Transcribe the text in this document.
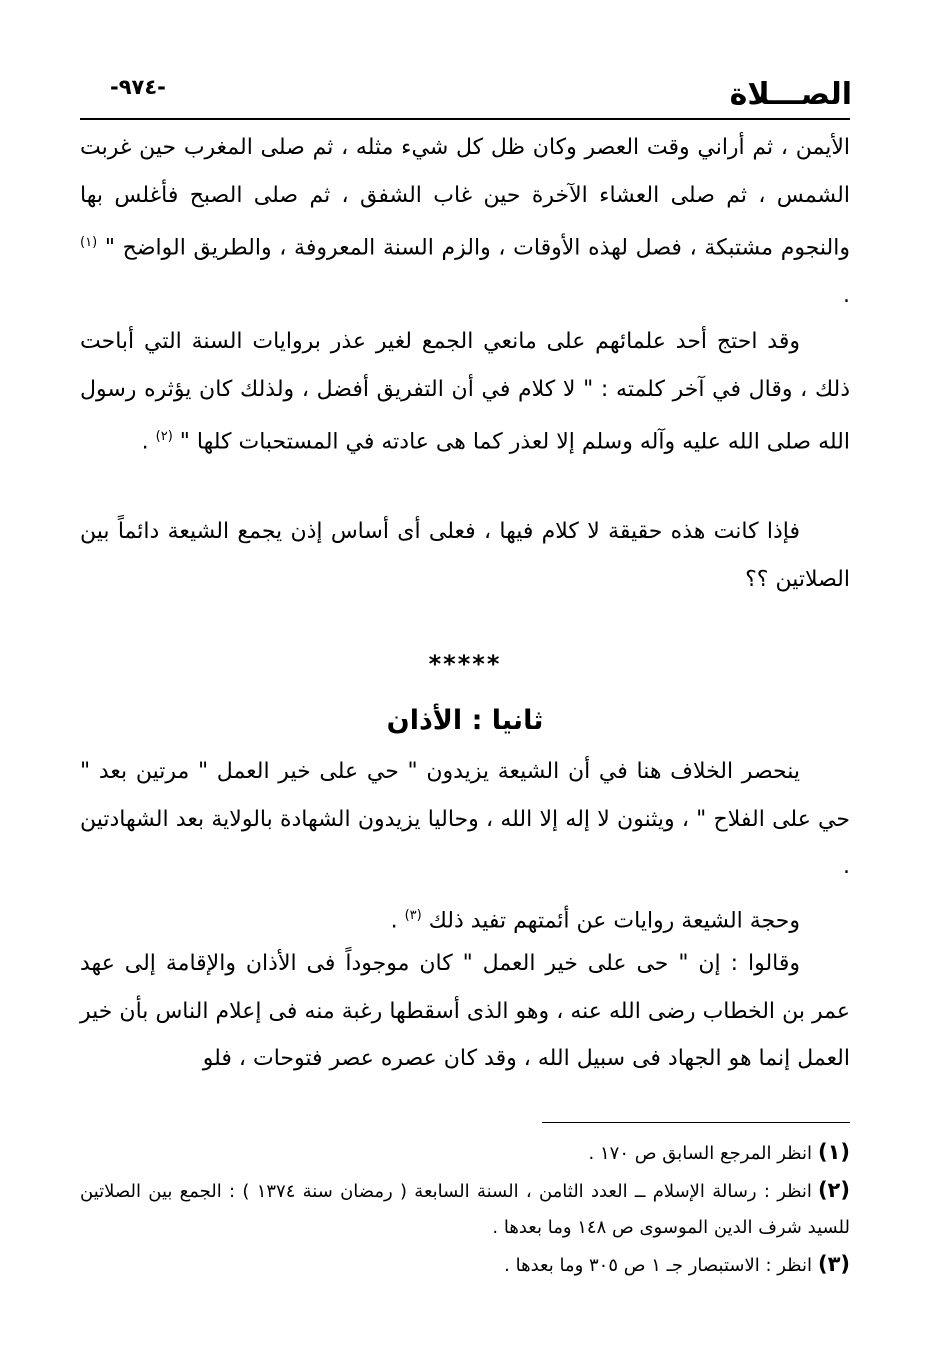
الصـــلاة
-٩٧٤-

الأيمن ، ثم أراني وقت العصر وكان ظل كل شيء مثله ، ثم صلى المغرب حين غربت الشمس ، ثم صلى العشاء الآخرة حين غاب الشفق ، ثم صلى الصبح فأغلس بها والنجوم مشتبكة ، فصل لهذه الأوقات ، والزم السنة المعروفة ، والطريق الواضح " $^{(١)}$ .

وقد احتج أحد علمائهم على مانعي الجمع لغير عذر بروايات السنة التي أباحت ذلك ، وقال في آخر كلمته : " لا كلام في أن التفريق أفضل ، ولذلك كان يؤثره رسول الله صلى الله عليه وآله وسلم إلا لعذر كما هى عادته في المستحبات كلها " $^{(٢)}$ .

فإذا كانت هذه حقيقة لا كلام فيها ، فعلى أى أساس إذن يجمع الشيعة دائماً بين الصلاتين ؟؟

*****
ثانيا : الأذان

ينحصر الخلاف هنا في أن الشيعة يزيدون " حي على خير العمل " مرتين بعد " حي على الفلاح " ، ويثنون لا إله إلا الله ، وحاليا يزيدون الشهادة بالولاية بعد الشهادتين .

وحجة الشيعة روايات عن أئمتهم تفيد ذلك $^{(٣)}$ .

وقالوا : إن " حى على خير العمل " كان موجوداً فى الأذان والإقامة إلى عهد عمر بن الخطاب رضى الله عنه ، وهو الذى أسقطها رغبة منه فى إعلام الناس بأن خير العمل إنما هو الجهاد فى سبيل الله ، وقد كان عصره عصر فتوحات ، فلو

(١)انظر المرجع السابق ص ١٧٠ .

(٢)انظر : رسالة الإسلام ــ العدد الثامن ، السنة السابعة ( رمضان سنة ١٣٧٤ ) : الجمع بين الصلاتين للسيد شرف الدين الموسوى ص ١٤٨ وما بعدها .

(٣)انظر : الاستبصار جـ ١ ص ٣٠٥ وما بعدها .
